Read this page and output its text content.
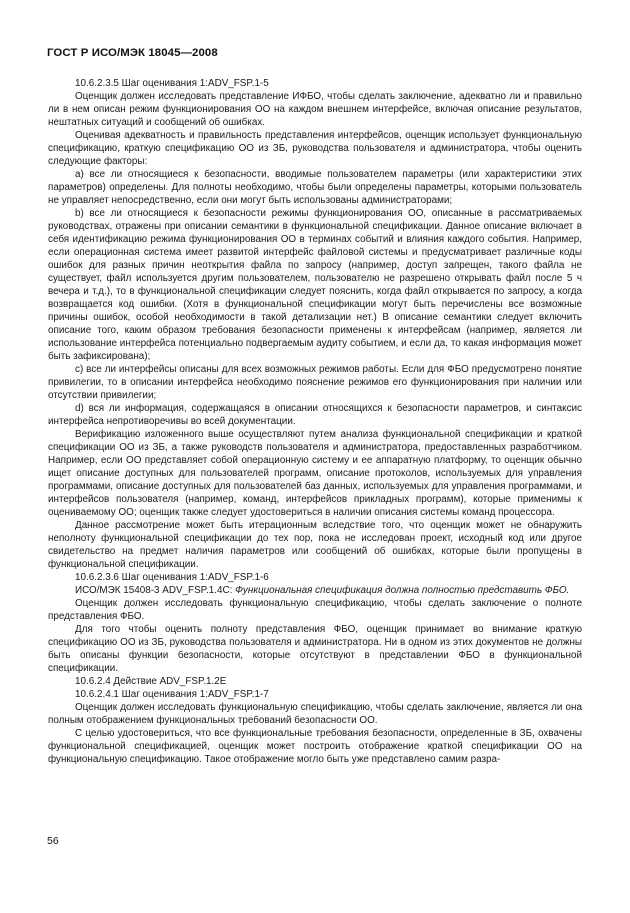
ГОСТ Р ИСО/МЭК 18045—2008

10.6.2.3.5 Шаг оценивания 1:ADV_FSP.1-5

Оценщик должен исследовать представление ИФБО, чтобы сделать заключение, адекватно ли и правильно ли в нем описан режим функционирования ОО на каждом внешнем интерфейсе, включая описание результатов, нештатных ситуаций и сообщений об ошибках.

Оценивая адекватность и правильность представления интерфейсов, оценщик использует функциональную спецификацию, краткую спецификацию ОО из ЗБ, руководства пользователя и администратора, чтобы оценить следующие факторы:

a) все ли относящиеся к безопасности, вводимые пользователем параметры (или характеристики этих параметров) определены. Для полноты необходимо, чтобы были определены параметры, которыми пользователь не управляет непосредственно, если они могут быть использованы администраторами;

b) все ли относящиеся к безопасности режимы функционирования ОО, описанные в рассматриваемых руководствах, отражены при описании семантики в функциональной спецификации. Данное описание включает в себя идентификацию режима функционирования ОО в терминах событий и влияния каждого события. Например, если операционная система имеет развитой интерфейс файловой системы и предусматривает различные коды ошибок для разных причин неоткрытия файла по запросу (например, доступ запрещен, такого файла не существует, файл используется другим пользователем, пользователю не разрешено открывать файл после 5 ч вечера и т.д.), то в функциональной спецификации следует пояснить, когда файл открывается по запросу, а когда возвращается код ошибки. (Хотя в функциональной спецификации могут быть перечислены все возможные причины ошибок, особой необходимости в такой детализации нет.) В описание семантики следует включить описание того, каким образом требования безопасности применены к интерфейсам (например, является ли использование интерфейса потенциально подвергаемым аудиту событием, и если да, то какая информация может быть зафиксирована);

c) все ли интерфейсы описаны для всех возможных режимов работы. Если для ФБО предусмотрено понятие привилегии, то в описании интерфейса необходимо пояснение режимов его функционирования при наличии или отсутствии привилегии;

d) вся ли информация, содержащаяся в описании относящихся к безопасности параметров, и синтаксис интерфейса непротиворечивы во всей документации.

Верификацию изложенного выше осуществляют путем анализа функциональной спецификации и краткой спецификации ОО из ЗБ, а также руководств пользователя и администратора, предоставленных разработчиком. Например, если ОО представляет собой операционную систему и ее аппаратную платформу, то оценщик обычно ищет описание доступных для пользователей программ, описание протоколов, используемых для управления программами, описание доступных для пользователей баз данных, используемых для управления программами, и интерфейсов пользователя (например, команд, интерфейсов прикладных программ), которые применимы к оцениваемому ОО; оценщик также следует удостовериться в наличии описания системы команд процессора.

Данное рассмотрение может быть итерационным вследствие того, что оценщик может не обнаружить неполноту функциональной спецификации до тех пор, пока не исследован проект, исходный код или другое свидетельство на предмет наличия параметров или сообщений об ошибках, которые были пропущены в функциональной спецификации.

10.6.2.3.6 Шаг оценивания 1:ADV_FSP.1-6

ИСО/МЭК 15408-3 ADV_FSP.1.4C: Функциональная спецификация должна полностью представить ФБО.

Оценщик должен исследовать функциональную спецификацию, чтобы сделать заключение о полноте представления ФБО.

Для того чтобы оценить полноту представления ФБО, оценщик принимает во внимание краткую спецификацию ОО из ЗБ, руководства пользователя и администратора. Ни в одном из этих документов не должны быть описаны функции безопасности, которые отсутствуют в представлении ФБО в функциональной спецификации.

10.6.2.4 Действие ADV_FSP.1.2E

10.6.2.4.1 Шаг оценивания 1:ADV_FSP.1-7

Оценщик должен исследовать функциональную спецификацию, чтобы сделать заключение, является ли она полным отображением функциональных требований безопасности ОО.

С целью удостовериться, что все функциональные требования безопасности, определенные в ЗБ, охвачены функциональной спецификацией, оценщик может построить отображение краткой спецификации ОО на функциональную спецификацию. Такое отображение могло быть уже представлено самим разра-

56
